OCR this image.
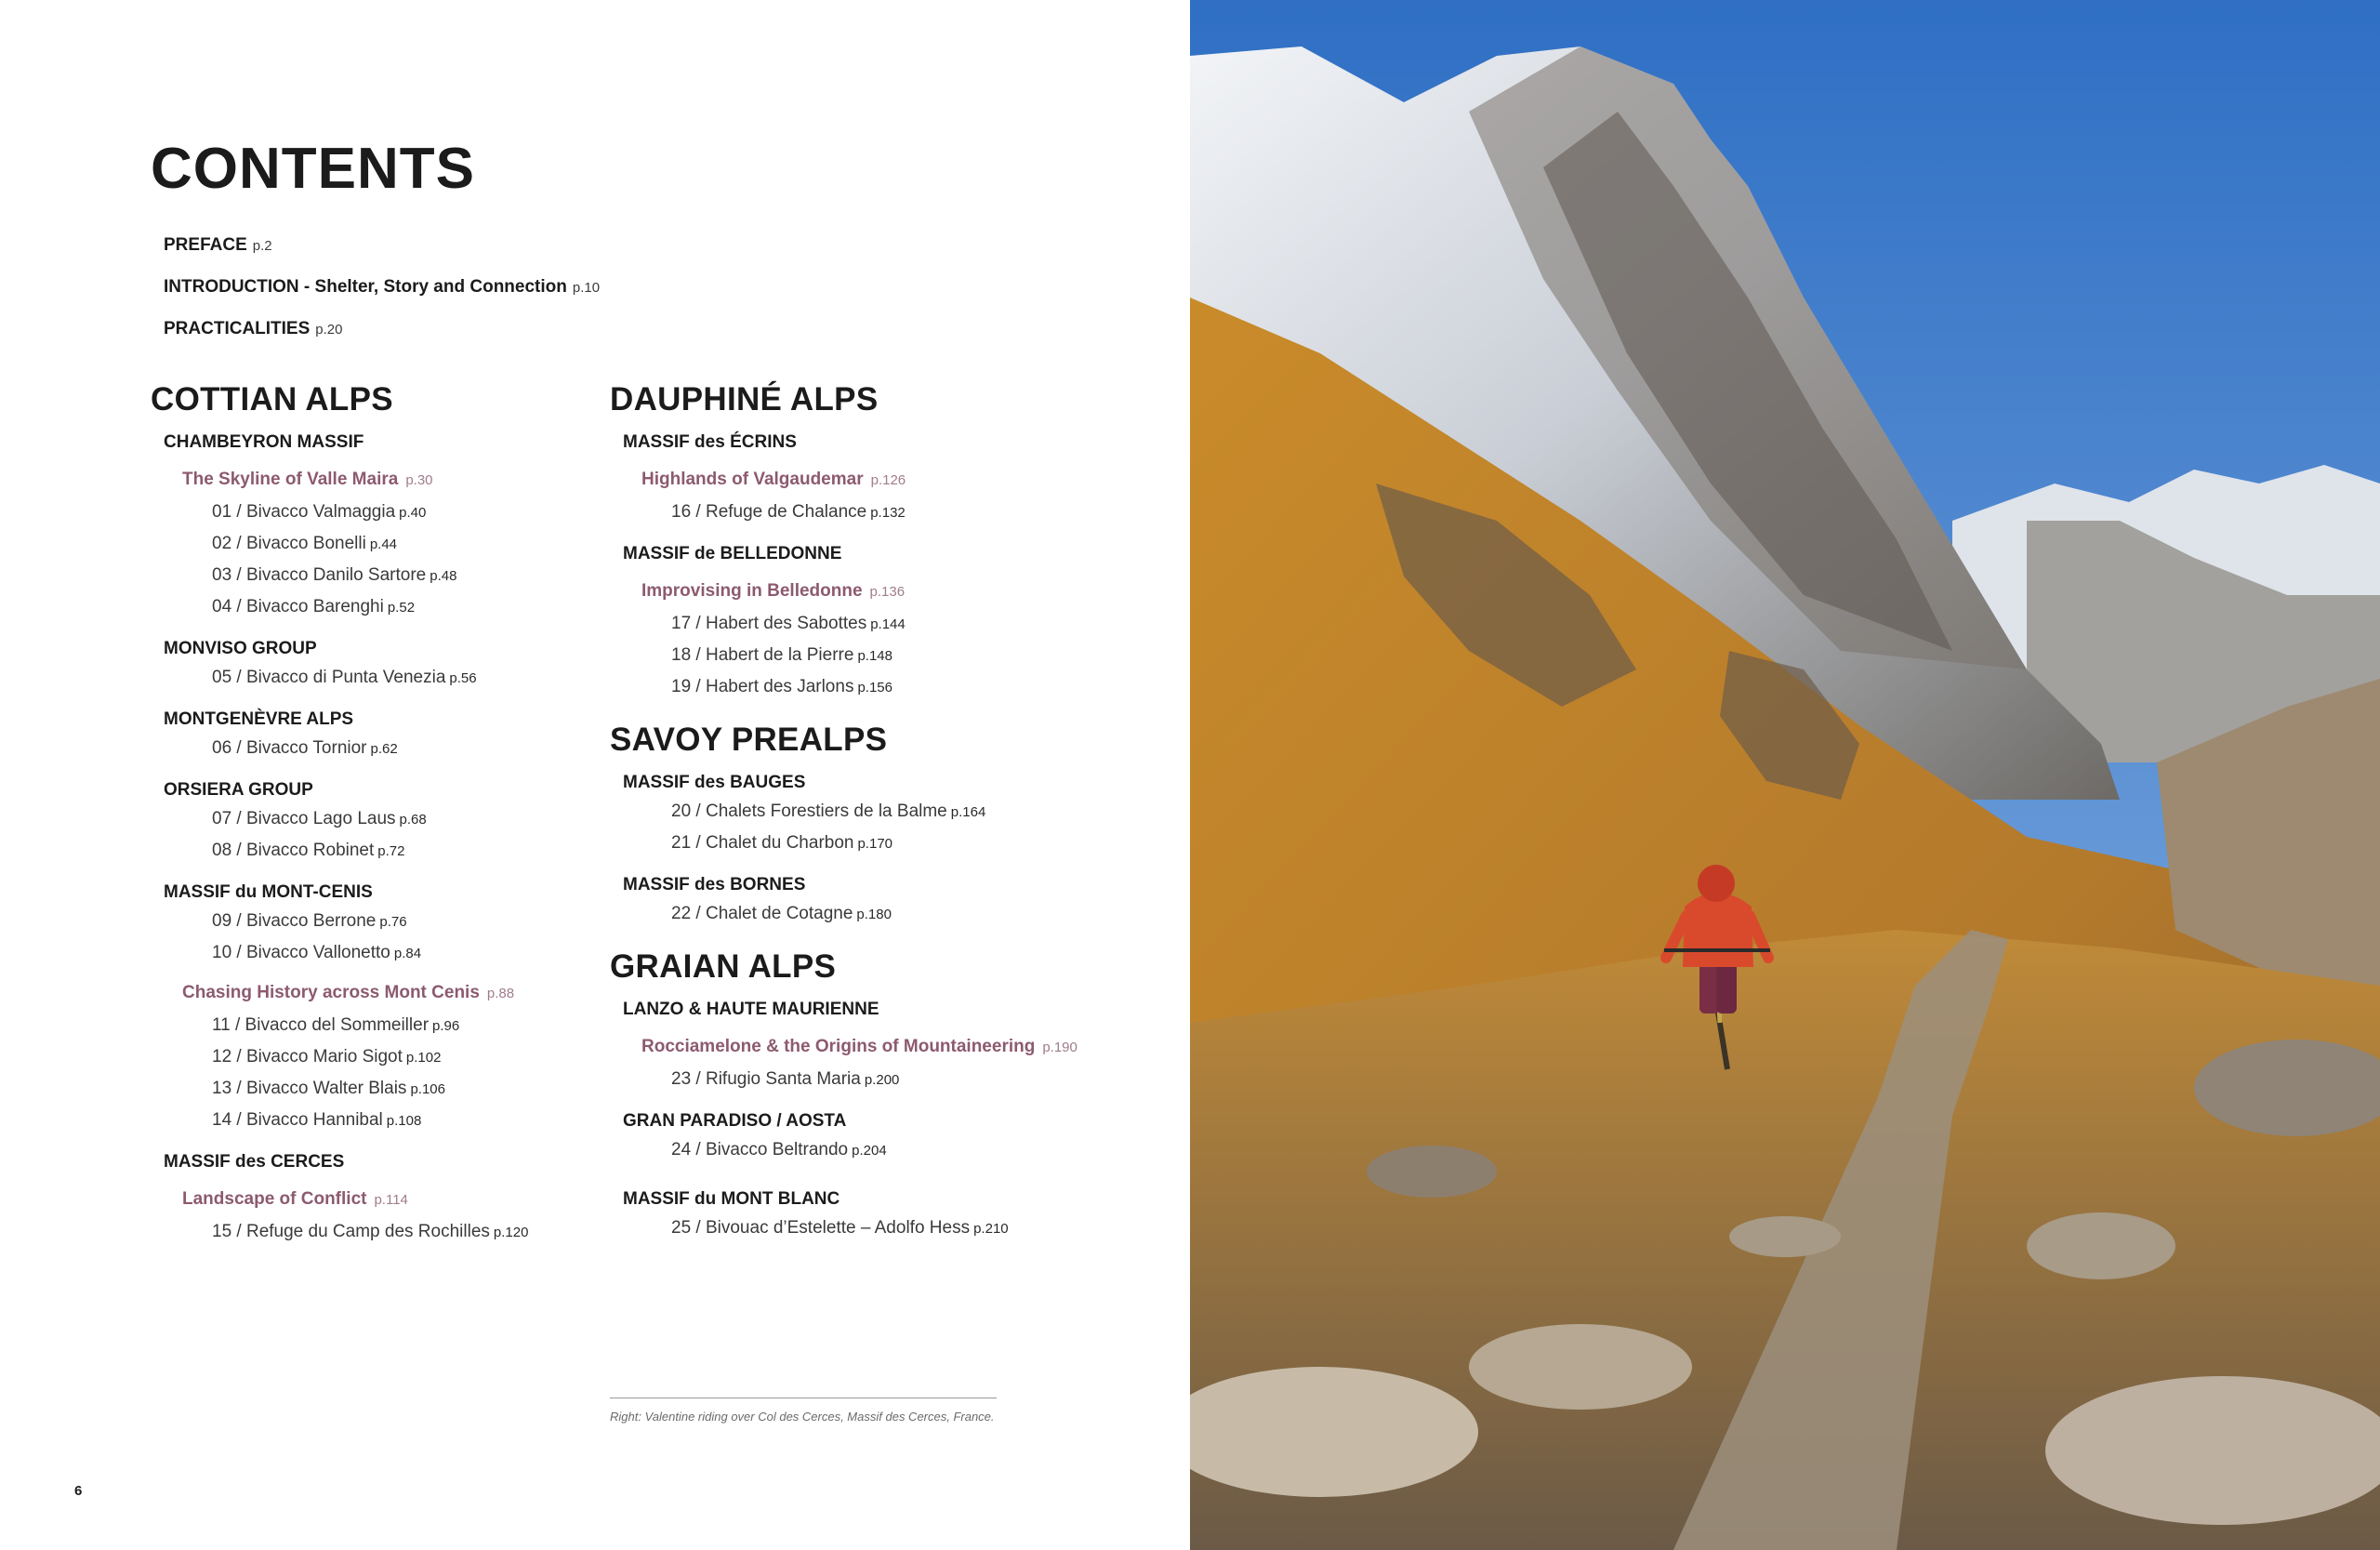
CONTENTS
PREFACE p.2
INTRODUCTION - Shelter, Story and Connection p.10
PRACTICALITIES p.20
COTTIAN ALPS
CHAMBEYRON MASSIF
The Skyline of Valle Maira p.30
01 / Bivacco Valmaggia p.40
02 / Bivacco Bonelli p.44
03 / Bivacco Danilo Sartore p.48
04 / Bivacco Barenghi p.52
MONVISO GROUP
05 / Bivacco di Punta Venezia p.56
MONTGENÈVRE ALPS
06 / Bivacco Tornior p.62
ORSIERA GROUP
07 / Bivacco Lago Laus p.68
08 / Bivacco Robinet p.72
MASSIF du MONT-CENIS
09 / Bivacco Berrone p.76
10 / Bivacco Vallonetto p.84
Chasing History across Mont Cenis p.88
11 / Bivacco del Sommeiller p.96
12 / Bivacco Mario Sigot p.102
13 / Bivacco Walter Blais p.106
14 / Bivacco Hannibal p.108
MASSIF des CERCES
Landscape of Conflict p.114
15 / Refuge du Camp des Rochilles p.120
DAUPHINÉ ALPS
MASSIF des ÉCRINS
Highlands of Valgaudemar p.126
16 / Refuge de Chalance p.132
MASSIF de BELLEDONNE
Improvising in Belledonne p.136
17 / Habert des Sabottes p.144
18 / Habert de la Pierre p.148
19 / Habert des Jarlons p.156
SAVOY PREALPS
MASSIF des BAUGES
20 / Chalets Forestiers de la Balme p.164
21 / Chalet du Charbon p.170
MASSIF des BORNES
22 / Chalet de Cotagne p.180
GRAIAN ALPS
LANZO & HAUTE MAURIENNE
Rocciamelone & the Origins of Mountaineering p.190
23 / Rifugio Santa Maria p.200
GRAN PARADISO / AOSTA
24 / Bivacco Beltrando p.204
MASSIF du MONT BLANC
25 / Bivouac d’Estelette – Adolfo Hess p.210
Right: Valentine riding over Col des Cerces, Massif des Cerces, France.
6
